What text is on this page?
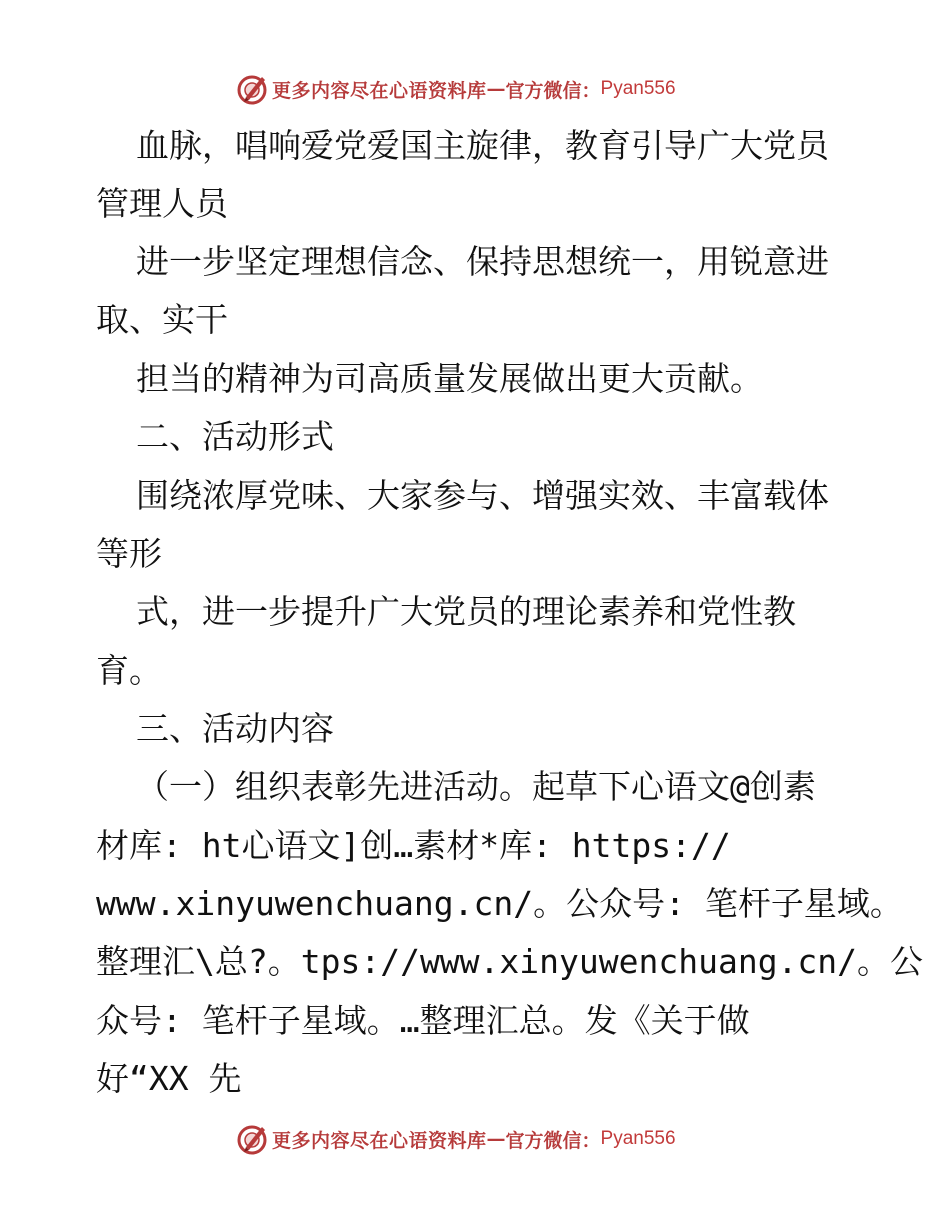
更多内容尽在心语资料库 — 官方微信： Pyan556
血脉，唱响爱党爱国主旋律，教育引导广大党员
管理人员
进一步坚定理想信念、保持思想统一，用锐意进
取、实干
担当的精神为司高质量发展做出更大贡献。
二、活动形式
围绕浓厚党味、大家参与、增强实效、丰富载体
等形
式，进一步提升广大党员的理论素养和党性教
育。
三、活动内容
（一）组织表彰先进活动。起草下心语文@创素
材库: ht心语文]创…素材*库: https://
www.xinyuwenchuang.cn/。公众号: 笔杆子星域。
整理汇\总?。tps://www.xinyuwenchuang.cn/。公
众号: 笔杆子星域。…整理汇总。发《关于做
好“XX 先
更多内容尽在心语资料库 — 官方微信： Pyan556
